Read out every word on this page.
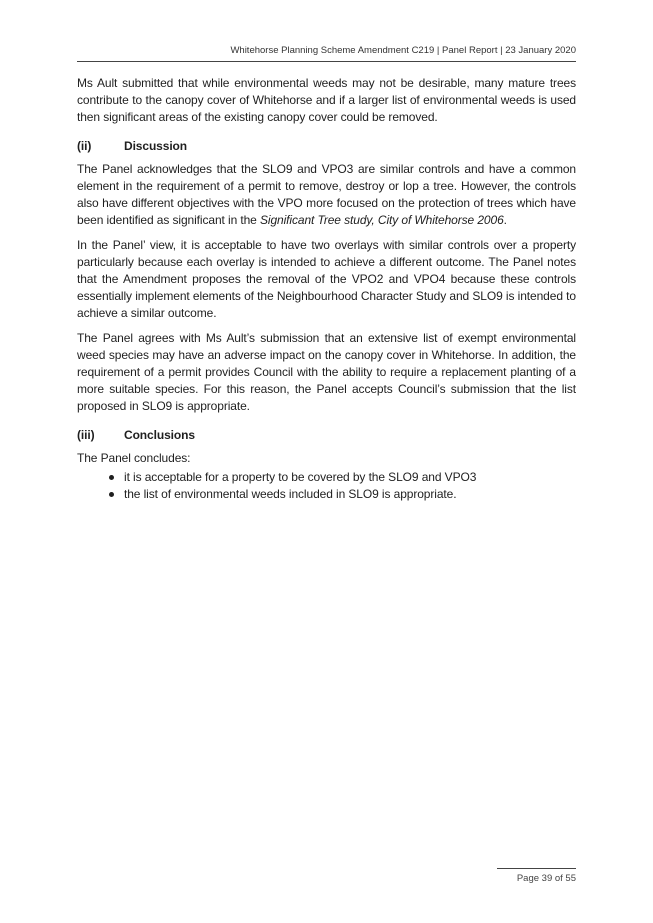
Whitehorse Planning Scheme Amendment C219 | Panel Report | 23 January 2020

Ms Ault submitted that while environmental weeds may not be desirable, many mature trees contribute to the canopy cover of Whitehorse and if a larger list of environmental weeds is used then significant areas of the existing canopy cover could be removed.

(ii)	Discussion

The Panel acknowledges that the SLO9 and VPO3 are similar controls and have a common element in the requirement of a permit to remove, destroy or lop a tree. However, the controls also have different objectives with the VPO more focused on the protection of trees which have been identified as significant in the Significant Tree study, City of Whitehorse 2006.

In the Panel’ view, it is acceptable to have two overlays with similar controls over a property particularly because each overlay is intended to achieve a different outcome. The Panel notes that the Amendment proposes the removal of the VPO2 and VPO4 because these controls essentially implement elements of the Neighbourhood Character Study and SLO9 is intended to achieve a similar outcome.

The Panel agrees with Ms Ault’s submission that an extensive list of exempt environmental weed species may have an adverse impact on the canopy cover in Whitehorse. In addition, the requirement of a permit provides Council with the ability to require a replacement planting of a more suitable species. For this reason, the Panel accepts Council’s submission that the list proposed in SLO9 is appropriate.

(iii)	Conclusions

The Panel concludes:

it is acceptable for a property to be covered by the SLO9 and VPO3
the list of environmental weeds included in SLO9 is appropriate.
Page 39 of 55
